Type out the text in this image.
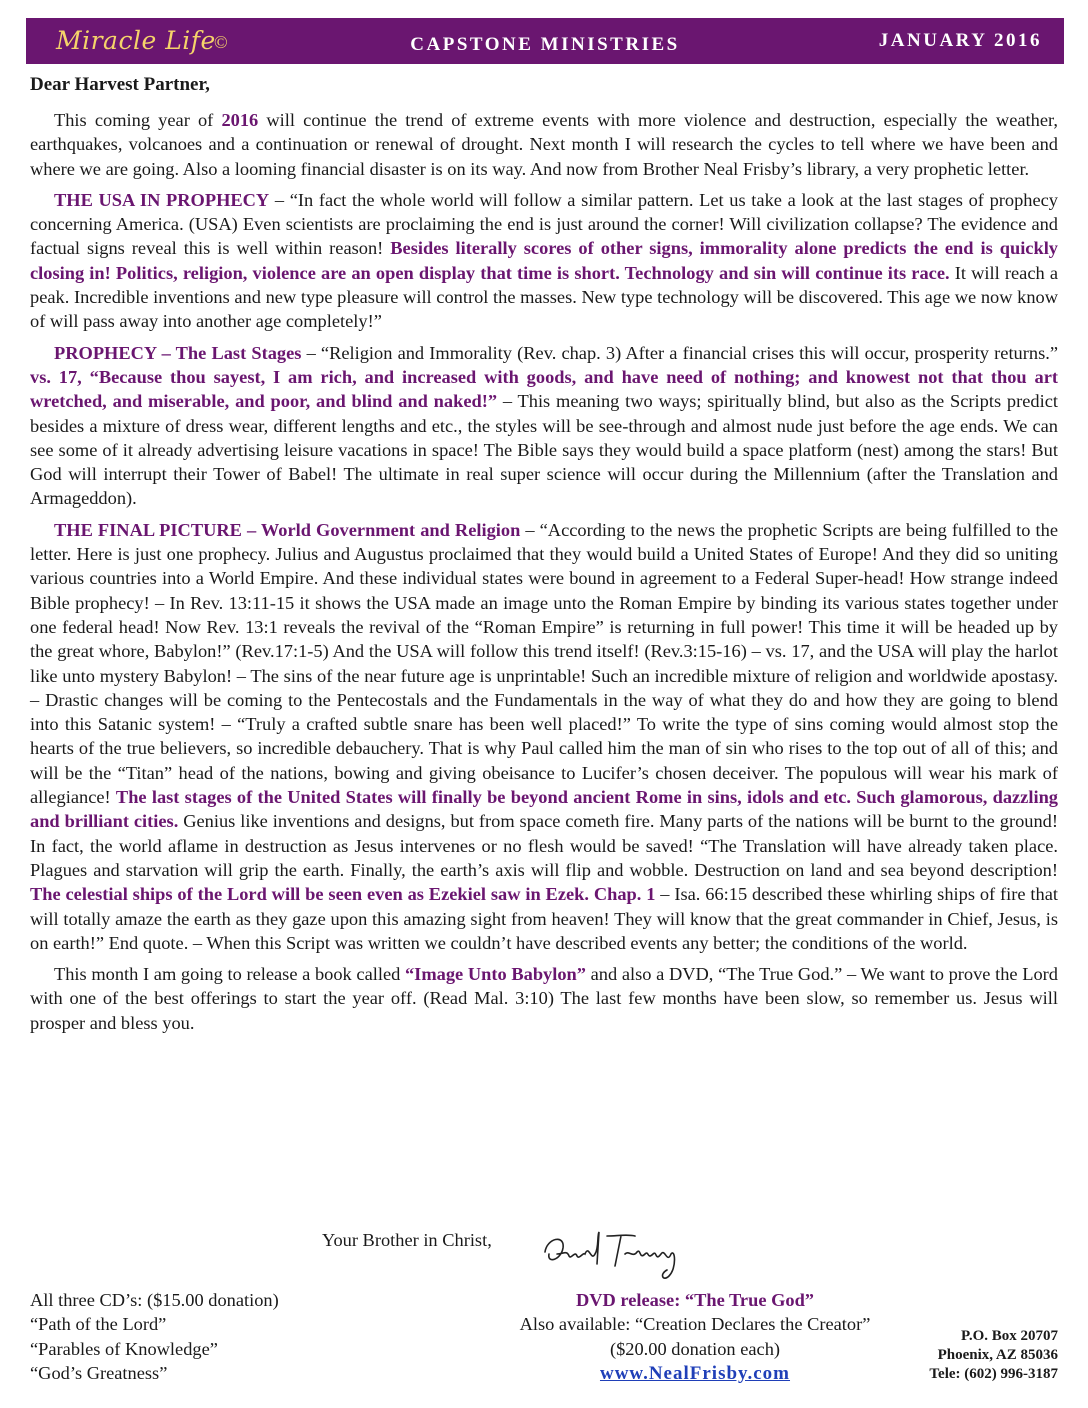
Miracle Life
©	CAPSTONE MINISTRIES	JANUARY 2016
Dear Harvest Partner,

This coming year of 2016 will continue the trend of extreme events with more violence and destruction, especially the weather, earthquakes, volcanoes and a continuation or renewal of drought. Next month I will research the cycles to tell where we have been and where we are going. Also a looming financial disaster is on its way. And now from Brother Neal Frisby’s library, a very prophetic letter.

THE USA IN PROPHECY – “In fact the whole world will follow a similar pattern. Let us take a look at the last stages of prophecy concerning America. (USA) Even scientists are proclaiming the end is just around the corner! Will civilization collapse? The evidence and factual signs reveal this is well within reason! Besides literally scores of other signs, immorality alone predicts the end is quickly closing in! Politics, religion, violence are an open display that time is short. Technology and sin will continue its race. It will reach a peak. Incredible inventions and new type pleasure will control the masses. New type technology will be discovered. This age we now know of will pass away into another age completely!”

PROPHECY – The Last Stages – “Religion and Immorality (Rev. chap. 3) After a financial crises this will occur, prosperity returns.” vs. 17, “Because thou sayest, I am rich, and increased with goods, and have need of nothing; and knowest not that thou art wretched, and miserable, and poor, and blind and naked!” – This meaning two ways; spiritually blind, but also as the Scripts predict besides a mixture of dress wear, different lengths and etc., the styles will be see-through and almost nude just before the age ends. We can see some of it already advertising leisure vacations in space! The Bible says they would build a space platform (nest) among the stars! But God will interrupt their Tower of Babel! The ultimate in real super science will occur during the Millennium (after the Translation and Armageddon).

THE FINAL PICTURE – World Government and Religion – “According to the news the prophetic Scripts are being fulfilled to the letter. Here is just one prophecy. Julius and Augustus proclaimed that they would build a United States of Europe! And they did so uniting various countries into a World Empire. And these individual states were bound in agreement to a Federal Super-head! How strange indeed Bible prophecy! – In Rev. 13:11-15 it shows the USA made an image unto the Roman Empire by binding its various states together under one federal head! Now Rev. 13:1 reveals the revival of the “Roman Empire” is returning in full power! This time it will be headed up by the great whore, Babylon!” (Rev.17:1-5) And the USA will follow this trend itself! (Rev.3:15-16) – vs. 17, and the USA will play the harlot like unto mystery Babylon! – The sins of the near future age is unprintable! Such an incredible mixture of religion and worldwide apostasy. – Drastic changes will be coming to the Pentecostals and the Fundamentals in the way of what they do and how they are going to blend into this Satanic system! – “Truly a crafted subtle snare has been well placed!” To write the type of sins coming would almost stop the hearts of the true believers, so incredible debauchery. That is why Paul called him the man of sin who rises to the top out of all of this; and will be the “Titan” head of the nations, bowing and giving obeisance to Lucifer’s chosen deceiver. The populous will wear his mark of allegiance! The last stages of the United States will finally be beyond ancient Rome in sins, idols and etc. Such glamorous, dazzling and brilliant cities. Genius like inventions and designs, but from space cometh fire. Many parts of the nations will be burnt to the ground! In fact, the world aflame in destruction as Jesus intervenes or no flesh would be saved! “The Translation will have already taken place. Plagues and starvation will grip the earth. Finally, the earth’s axis will flip and wobble. Destruction on land and sea beyond description! The celestial ships of the Lord will be seen even as Ezekiel saw in Ezek. Chap. 1 – Isa. 66:15 described these whirling ships of fire that will totally amaze the earth as they gaze upon this amazing sight from heaven! They will know that the great commander in Chief, Jesus, is on earth!” End quote. – When this Script was written we couldn’t have described events any better; the conditions of the world.

This month I am going to release a book called “Image Unto Babylon” and also a DVD, “The True God.” – We want to prove the Lord with one of the best offerings to start the year off. (Read Mal. 3:10) The last few months have been slow, so remember us. Jesus will prosper and bless you.

Your Brother in Christ,
All three CD’s: ($15.00 donation)
“Path of the Lord”
“Parables of Knowledge”
“God’s Greatness”
DVD release: “The True God”
Also available: “Creation Declares the Creator”
($20.00 donation each)
www.NealFrisby.com
P.O. Box 20707
Phoenix, AZ 85036
Tele: (602) 996-3187
